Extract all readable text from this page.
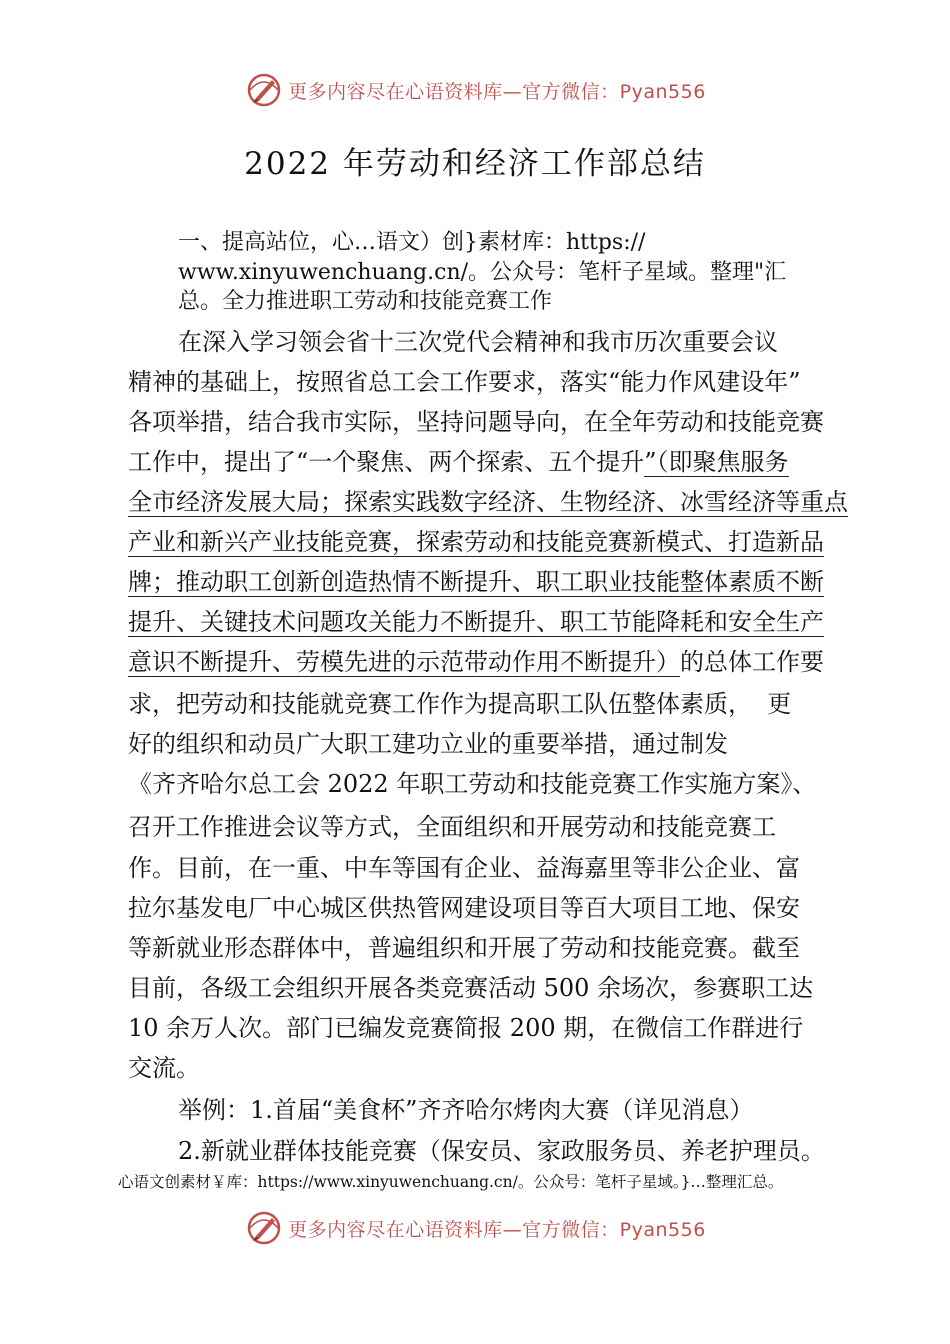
更多内容尽在心语资料库—官方微信：Pyan556
2022 年劳动和经济工作部总结
一、提高站位，心…语文）创}素材库：https://
www.xinyuwenchuang.cn/。公众号：笔杆子星域。整理"汇
总。全力推进职工劳动和技能竞赛工作
在深入学习领会省十三次党代会精神和我市历次重要会议
精神的基础上，按照省总工会工作要求，落实“能力作风建设年”
各项举措，结合我市实际，坚持问题导向，在全年劳动和技能竞赛
工作中，提出了“一个聚焦、两个探索、五个提升”（即聚焦服务
全市经济发展大局；探索实践数字经济、生物经济、冰雪经济等重点
产业和新兴产业技能竞赛，探索劳动和技能竞赛新模式、打造新品
牌；推动职工创新创造热情不断提升、职工职业技能整体素质不断
提升、关键技术问题攻关能力不断提升、职工节能降耗和安全生产
意识不断提升、劳模先进的示范带动作用不断提升）的总体工作要
求，把劳动和技能就竞赛工作作为提高职工队伍整体素质，  更
好的组织和动员广大职工建功立业的重要举措，通过制发
《齐齐哈尔总工会 2022 年职工劳动和技能竞赛工作实施方案》、
召开工作推进会议等方式，全面组织和开展劳动和技能竞赛工
作。目前，在一重、中车等国有企业、益海嘉里等非公企业、富
拉尔基发电厂中心城区供热管网建设项目等百大项目工地、保安
等新就业形态群体中，普遍组织和开展了劳动和技能竞赛。截至
目前，各级工会组织开展各类竞赛活动 500 余场次，参赛职工达
10 余万人次。部门已编发竞赛简报 200 期，在微信工作群进行
交流。
举例：1.首届“美食杯”齐齐哈尔烤肉大赛（详见消息）
2.新就业群体技能竞赛（保安员、家政服务员、养老护理员。
心语文创素材￥库：https://www.xinyuwenchuang.cn/。公众号：笔杆子星域。}…整理汇总。
更多内容尽在心语资料库—官方微信：Pyan556
